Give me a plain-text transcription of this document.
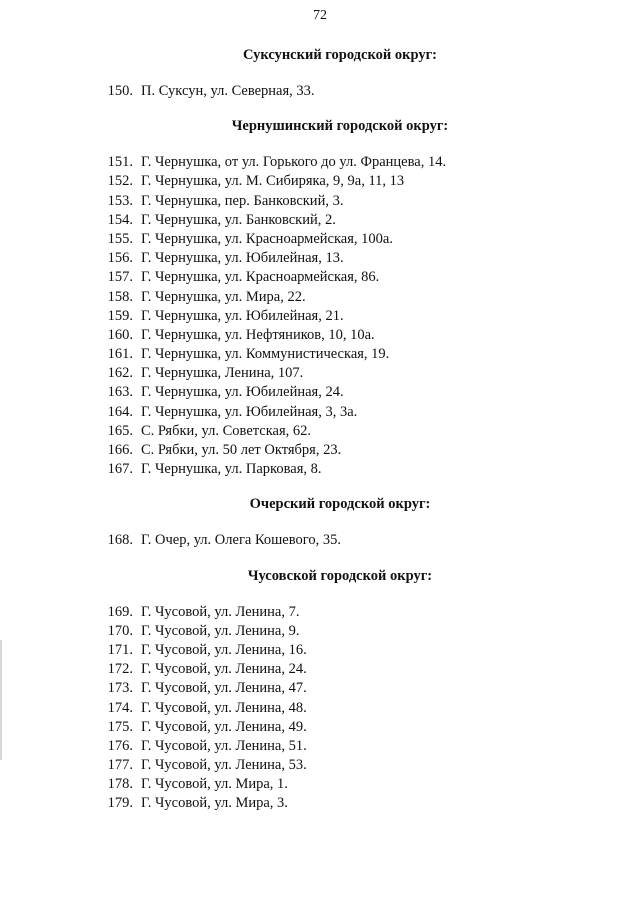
72
Суксунский городской округ:
150. П. Суксун, ул. Северная, 33.
Чернушинский городской округ:
151. Г. Чернушка, от ул. Горького до ул. Францева, 14.
152. Г. Чернушка, ул. М. Сибиряка, 9, 9а, 11, 13
153. Г. Чернушка, пер. Банковский, 3.
154. Г. Чернушка, ул. Банковский, 2.
155. Г. Чернушка, ул. Красноармейская, 100а.
156. Г. Чернушка, ул. Юбилейная, 13.
157. Г. Чернушка, ул. Красноармейская, 86.
158. Г. Чернушка, ул. Мира, 22.
159. Г. Чернушка, ул. Юбилейная, 21.
160. Г. Чернушка, ул. Нефтяников, 10, 10а.
161. Г. Чернушка, ул. Коммунистическая, 19.
162. Г. Чернушка, Ленина, 107.
163. Г. Чернушка, ул. Юбилейная, 24.
164. Г. Чернушка, ул. Юбилейная, 3, 3а.
165. С. Рябки, ул. Советская, 62.
166. С. Рябки, ул. 50 лет Октября, 23.
167. Г. Чернушка, ул. Парковая, 8.
Очерский городской округ:
168. Г. Очер, ул. Олега Кошевого, 35.
Чусовской городской округ:
169. Г. Чусовой, ул. Ленина, 7.
170. Г. Чусовой, ул. Ленина, 9.
171. Г. Чусовой, ул. Ленина, 16.
172. Г. Чусовой, ул. Ленина, 24.
173. Г. Чусовой, ул. Ленина, 47.
174. Г. Чусовой, ул. Ленина, 48.
175. Г. Чусовой, ул. Ленина, 49.
176. Г. Чусовой, ул. Ленина, 51.
177. Г. Чусовой, ул. Ленина, 53.
178. Г. Чусовой, ул. Мира, 1.
179. Г. Чусовой, ул. Мира, 3.
